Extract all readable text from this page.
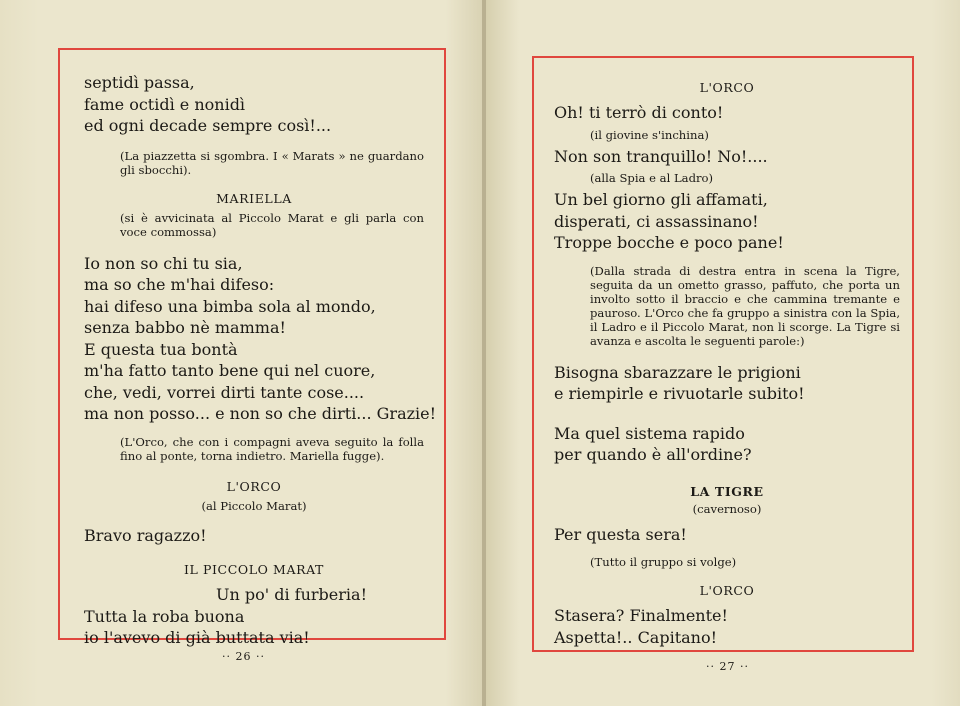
septidì passa,
fame octidì e nonidì
ed ogni decade sempre così!...

(La piazzetta si sgombra. I « Marats » ne guardano gli sbocchi).

MARIELLA

(si è avvicinata al Piccolo Marat e gli parla con voce commossa)

Io non so chi tu sia,
ma so che m'hai difeso:
hai difeso una bimba sola al mondo,
senza babbo nè mamma!
E questa tua bontà
m'ha fatto tanto bene qui nel cuore,
che, vedi, vorrei dirti tante cose....
ma non posso... e non so che dirti... Grazie!

(L'Orco, che con i compagni aveva seguito la folla fino al ponte, torna indietro. Mariella fugge).

L'ORCO

(al Piccolo Marat)

Bravo ragazzo!

IL PICCOLO MARAT

Un po' di furberia!
Tutta la roba buona
io l'avevo di già buttata via!
·· 26 ··

L'ORCO

Oh! ti terrò di conto!

(il giovine s'inchina)

Non son tranquillo! No!....

(alla Spia e al Ladro)

Un bel giorno gli affamati,
disperati, ci assassinano!
Troppe bocche e poco pane!

(Dalla strada di destra entra in scena la Tigre, seguita da un ometto grasso, paffuto, che porta un involto sotto il braccio e che cammina tremante e pauroso. L'Orco che fa gruppo a sinistra con la Spia, il Ladro e il Piccolo Marat, non li scorge. La Tigre si avanza e ascolta le seguenti parole:)

Bisogna sbarazzare le prigioni
e riempirle e rivuotarle subito!
Ma quel sistema rapido
per quando è all'ordine?

LA TIGRE

(cavernoso)

Per questa sera!

(Tutto il gruppo si volge)

L'ORCO

Stasera? Finalmente!
Aspetta!.. Capitano!
·· 27 ··
